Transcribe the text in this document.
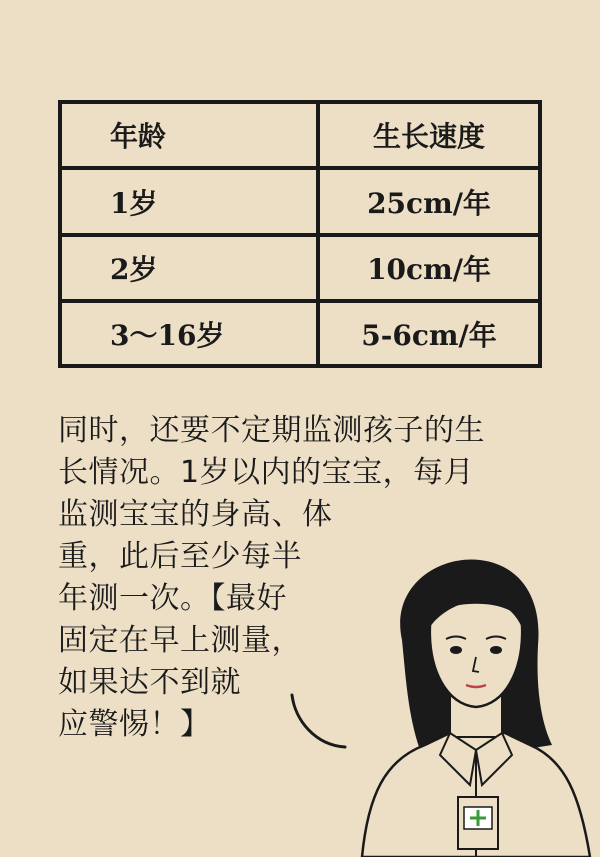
年龄	生长速度
1岁	25cm/年
2岁	10cm/年
3～16岁	5-6cm/年
同时，还要不定期监测孩子的生
长情况。1岁以内的宝宝，每月
监测宝宝的身高、体
重，此后至少每半
年测一次。【最好
固定在早上测量，
如果达不到就
应警惕！】
